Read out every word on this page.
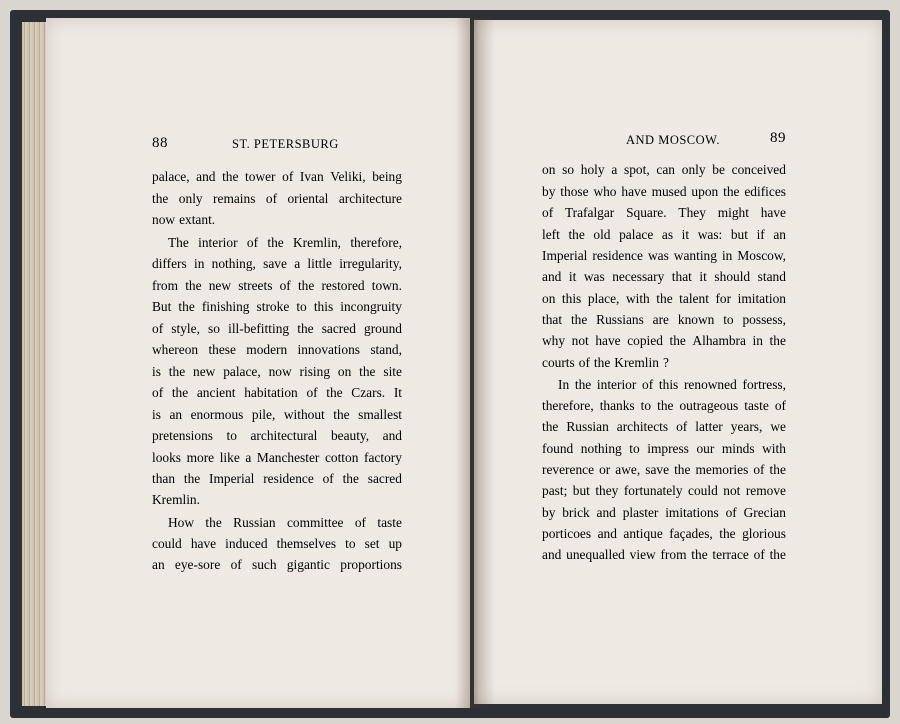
88	ST. PETERSBURG	AND MOSCOW.	89
palace, and the tower of Ivan Veliki, being
the only remains of oriental architecture
now extant.
The interior of the Kremlin, therefore,
differs in nothing, save a little irregularity,
from the new streets of the restored town.
But the finishing stroke to this incongruity
of style, so ill-befitting the sacred ground
whereon these modern innovations stand,
is the new palace, now rising on the site
of the ancient habitation of the Czars. It
is an enormous pile, without the smallest
pretensions to architectural beauty, and
looks more like a Manchester cotton factory
than the Imperial residence of the sacred
Kremlin.
How the Russian committee of taste
could have induced themselves to set up
an eye-sore of such gigantic proportions
on so holy a spot, can only be conceived
by those who have mused upon the edifices
of Trafalgar Square. They might have
left the old palace as it was: but if an
Imperial residence was wanting in Moscow,
and it was necessary that it should stand
on this place, with the talent for imitation
that the Russians are known to possess,
why not have copied the Alhambra in the
courts of the Kremlin ?
In the interior of this renowned fortress,
therefore, thanks to the outrageous taste of
the Russian architects of latter years, we
found nothing to impress our minds with
reverence or awe, save the memories of the
past; but they fortunately could not remove
by brick and plaster imitations of Grecian
porticoes and antique façades, the glorious
and unequalled view from the terrace of the
